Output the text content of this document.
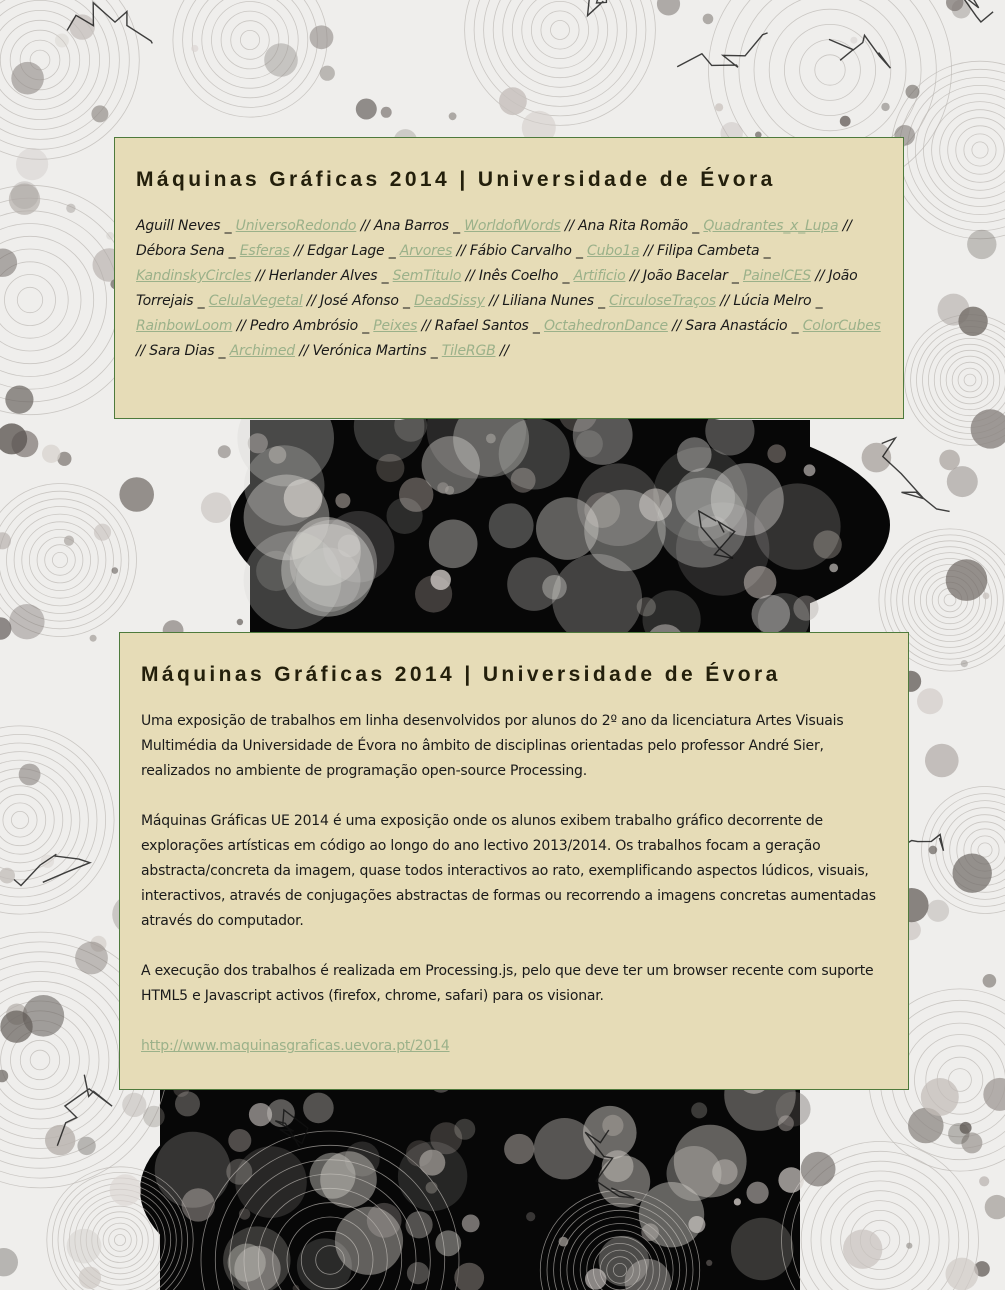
Máquinas Gráficas 2014 | Universidade de Évora

Aguill Neves _ UniversoRedondo // Ana Barros _ WorldofWords // Ana Rita Romão _ Quadrantes_x_Lupa // Débora Sena _ Esferas // Edgar Lage _ Arvores // Fábio Carvalho _ Cubo1a // Filipa Cambeta _ KandinskyCircles // Herlander Alves _ SemTitulo // Inês Coelho _ Artificio // João Bacelar _ PainelCES // João Torrejais _ CelulaVegetal // José Afonso _ DeadSissy // Liliana Nunes _ CirculoseTraços // Lúcia Melro _ RainbowLoom // Pedro Ambrósio _ Peixes // Rafael Santos _ OctahedronDance // Sara Anastácio _ ColorCubes // Sara Dias _ Archimed // Verónica Martins _ TileRGB //

Máquinas Gráficas 2014 | Universidade de Évora

Uma exposição de trabalhos em linha desenvolvidos por alunos do 2º ano da licenciatura Artes Visuais Multimédia da Universidade de Évora no âmbito de disciplinas orientadas pelo professor André Sier, realizados no ambiente de programação open-source Processing.

Máquinas Gráficas UE 2014 é uma exposição onde os alunos exibem trabalho gráfico decorrente de explorações artísticas em código ao longo do ano lectivo 2013/2014. Os trabalhos focam a geração abstracta/concreta da imagem, quase todos interactivos ao rato, exemplificando aspectos lúdicos, visuais, interactivos, através de conjugações abstractas de formas ou recorrendo a imagens concretas aumentadas através do computador.

A execução dos trabalhos é realizada em Processing.js, pelo que deve ter um browser recente com suporte HTML5 e Javascript activos (firefox, chrome, safari) para os visionar.

http://www.maquinasgraficas.uevora.pt/2014
